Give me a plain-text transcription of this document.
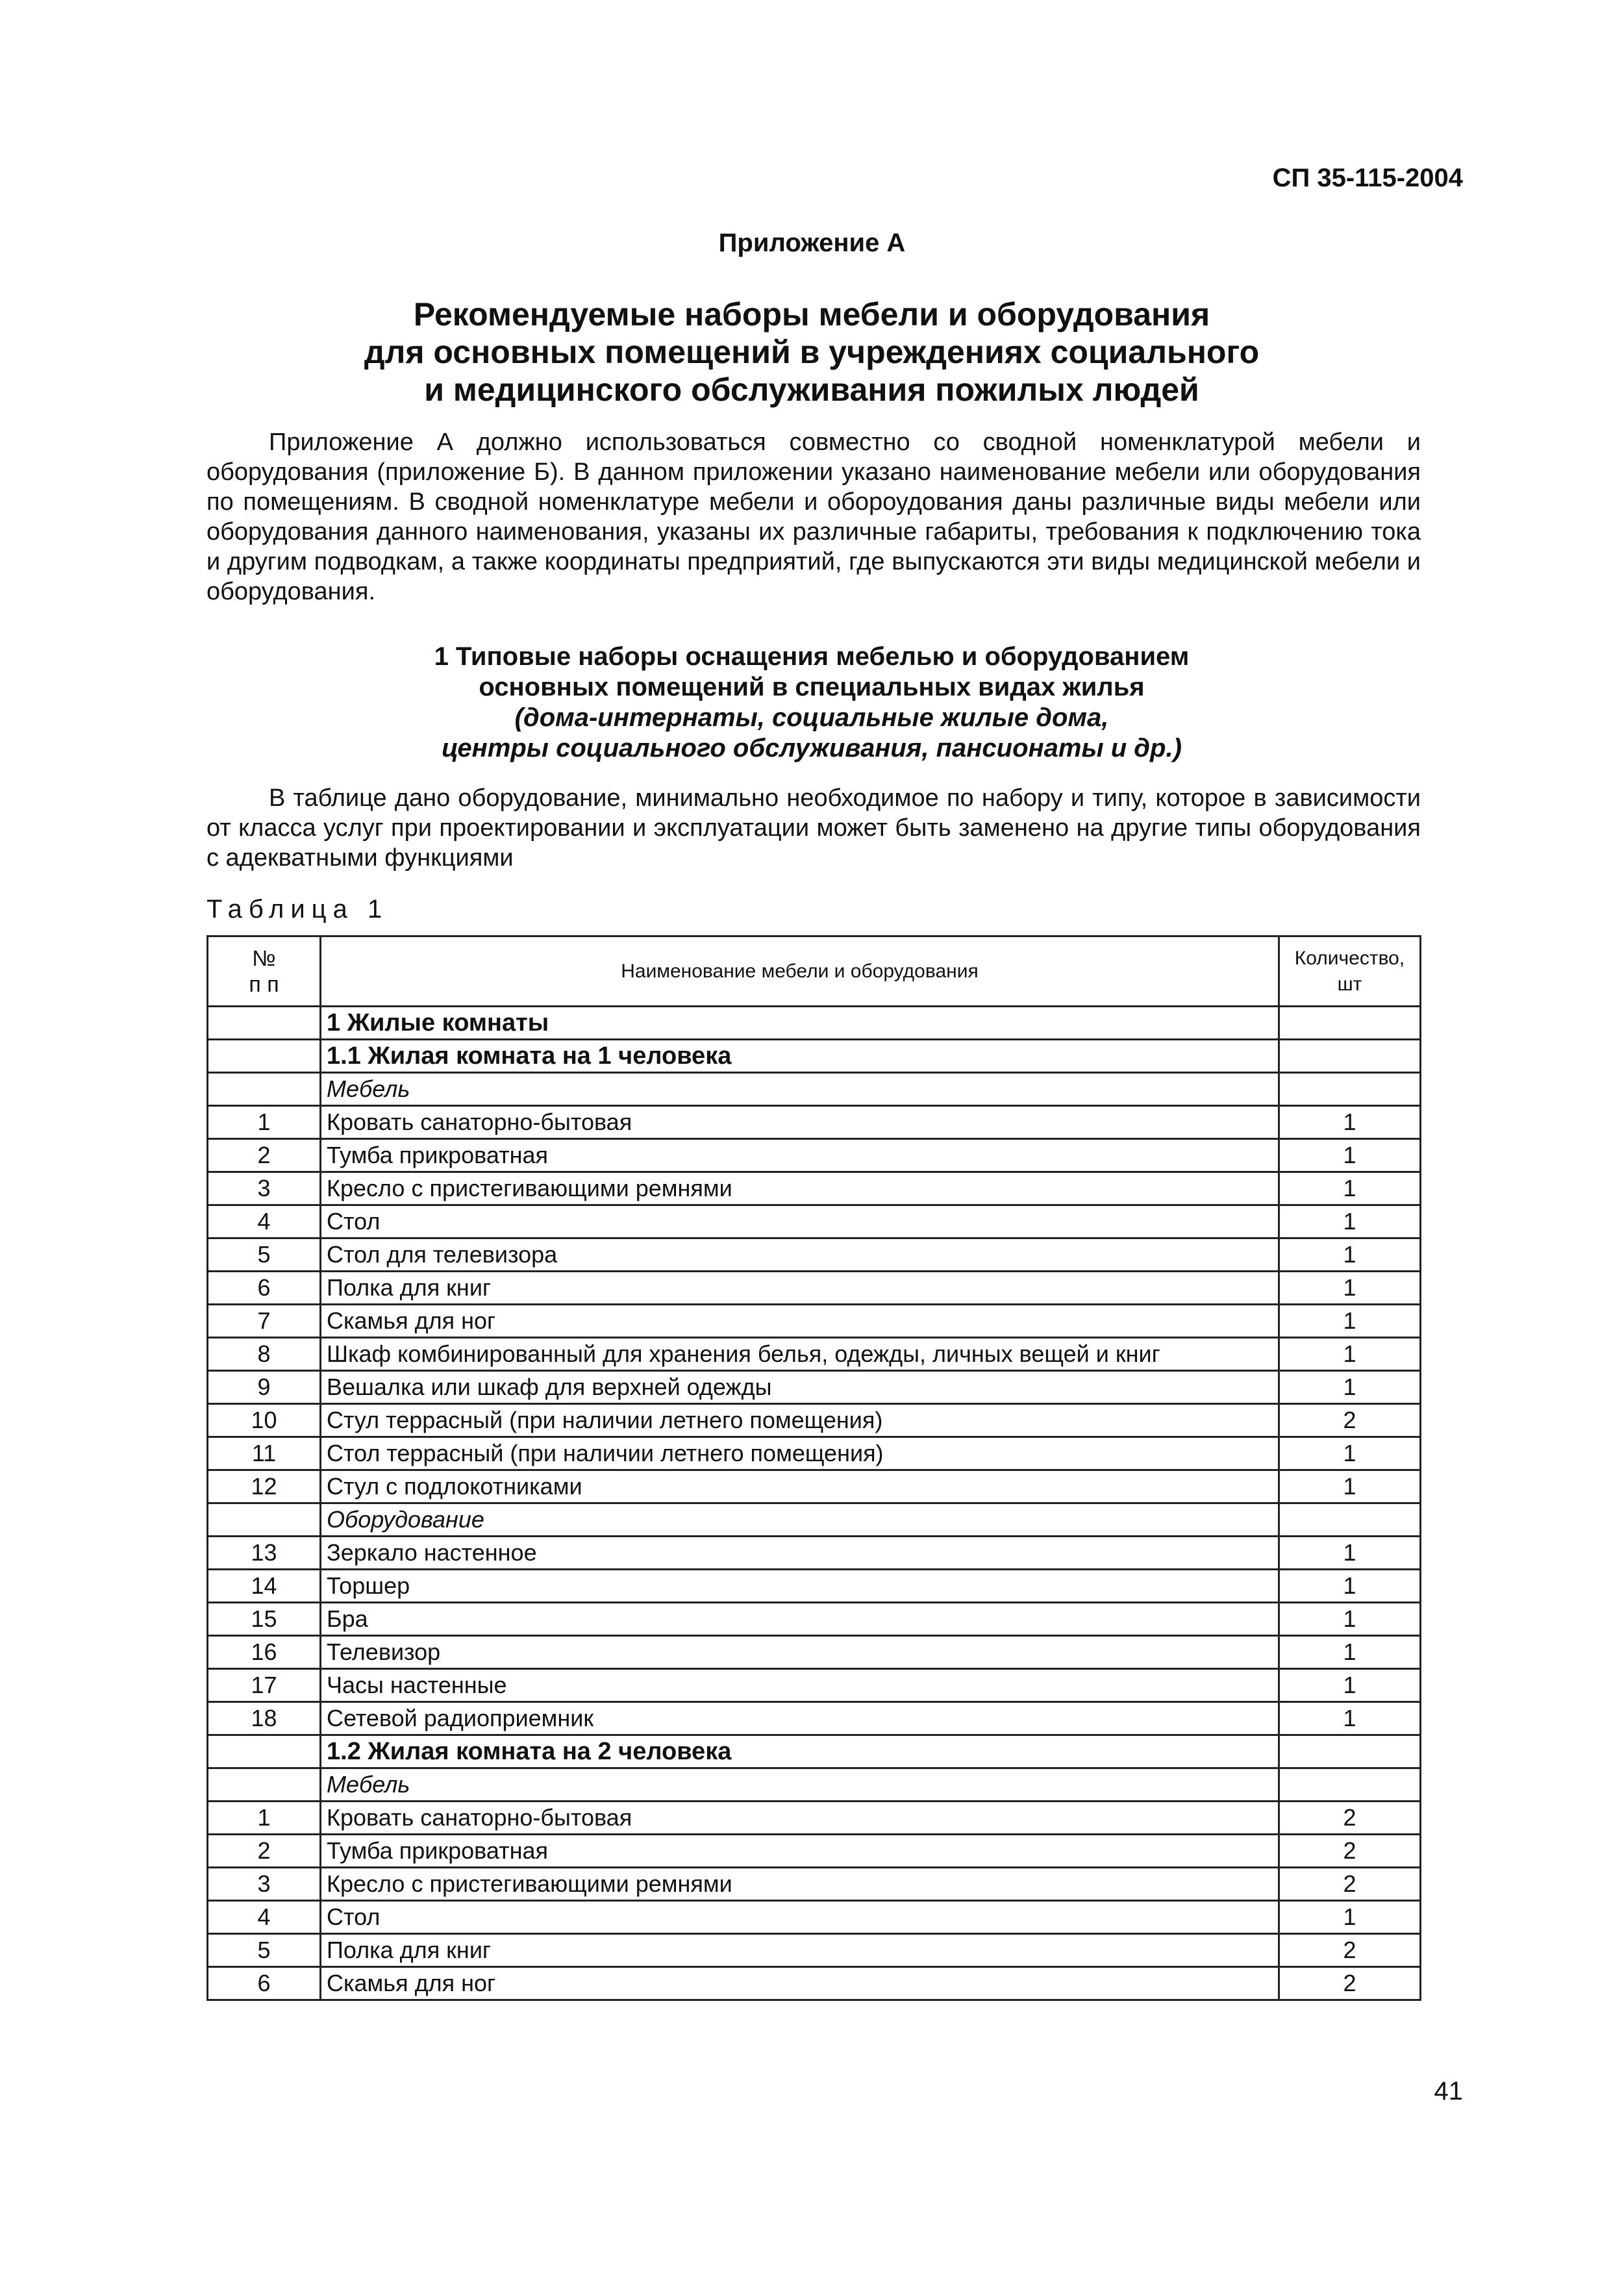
СП 35-115-2004
Приложение А
Рекомендуемые наборы мебели и оборудования
для основных помещений в учреждениях социального
и медицинского обслуживания пожилых людей

Приложение А должно использоваться совместно со сводной номенклатурой мебели и оборудования (приложение Б). В данном приложении указано наименование мебели или оборудования по помещениям. В сводной номенклатуре мебели и обороудования даны различные виды мебели или оборудования данного наименования, указаны их различные габариты, требования к подключению тока и другим подводкам, а также координаты предприятий, где выпускаются эти виды медицинской мебели и оборудования.

1 Типовые наборы оснащения мебелью и оборудованием
основных помещений в специальных видах жилья
(дома-интернаты, социальные жилые дома,
центры социального обслуживания, пансионаты и др.)

В таблице дано оборудование, минимально необходимое по набору и типу, которое в зависимости от класса услуг при проектировании и эксплуатации может быть заменено на другие типы оборудования с адекватными функциями

Таблица 1
№
п п	Наименование мебели и оборудования	Количество,
шт
	1 Жилые комнаты	
	1.1 Жилая комната на 1 человека	
	Мебель	
1	Кровать санаторно-бытовая	1
2	Тумба прикроватная	1
3	Кресло с пристегивающими ремнями	1
4	Стол	1
5	Стол для телевизора	1
6	Полка для книг	1
7	Скамья для ног	1
8	Шкаф комбинированный для хранения белья, одежды, личных вещей и книг	1
9	Вешалка или шкаф для верхней одежды	1
10	Стул террасный (при наличии летнего помещения)	2
11	Стол террасный (при наличии летнего помещения)	1
12	Стул с подлокотниками	1
	Оборудование	
13	Зеркало настенное	1
14	Торшер	1
15	Бра	1
16	Телевизор	1
17	Часы настенные	1
18	Сетевой радиоприемник	1
	1.2 Жилая комната на 2 человека	
	Мебель	
1	Кровать санаторно-бытовая	2
2	Тумба прикроватная	2
3	Кресло с пристегивающими ремнями	2
4	Стол	1
5	Полка для книг	2
6	Скамья для ног	2
41
